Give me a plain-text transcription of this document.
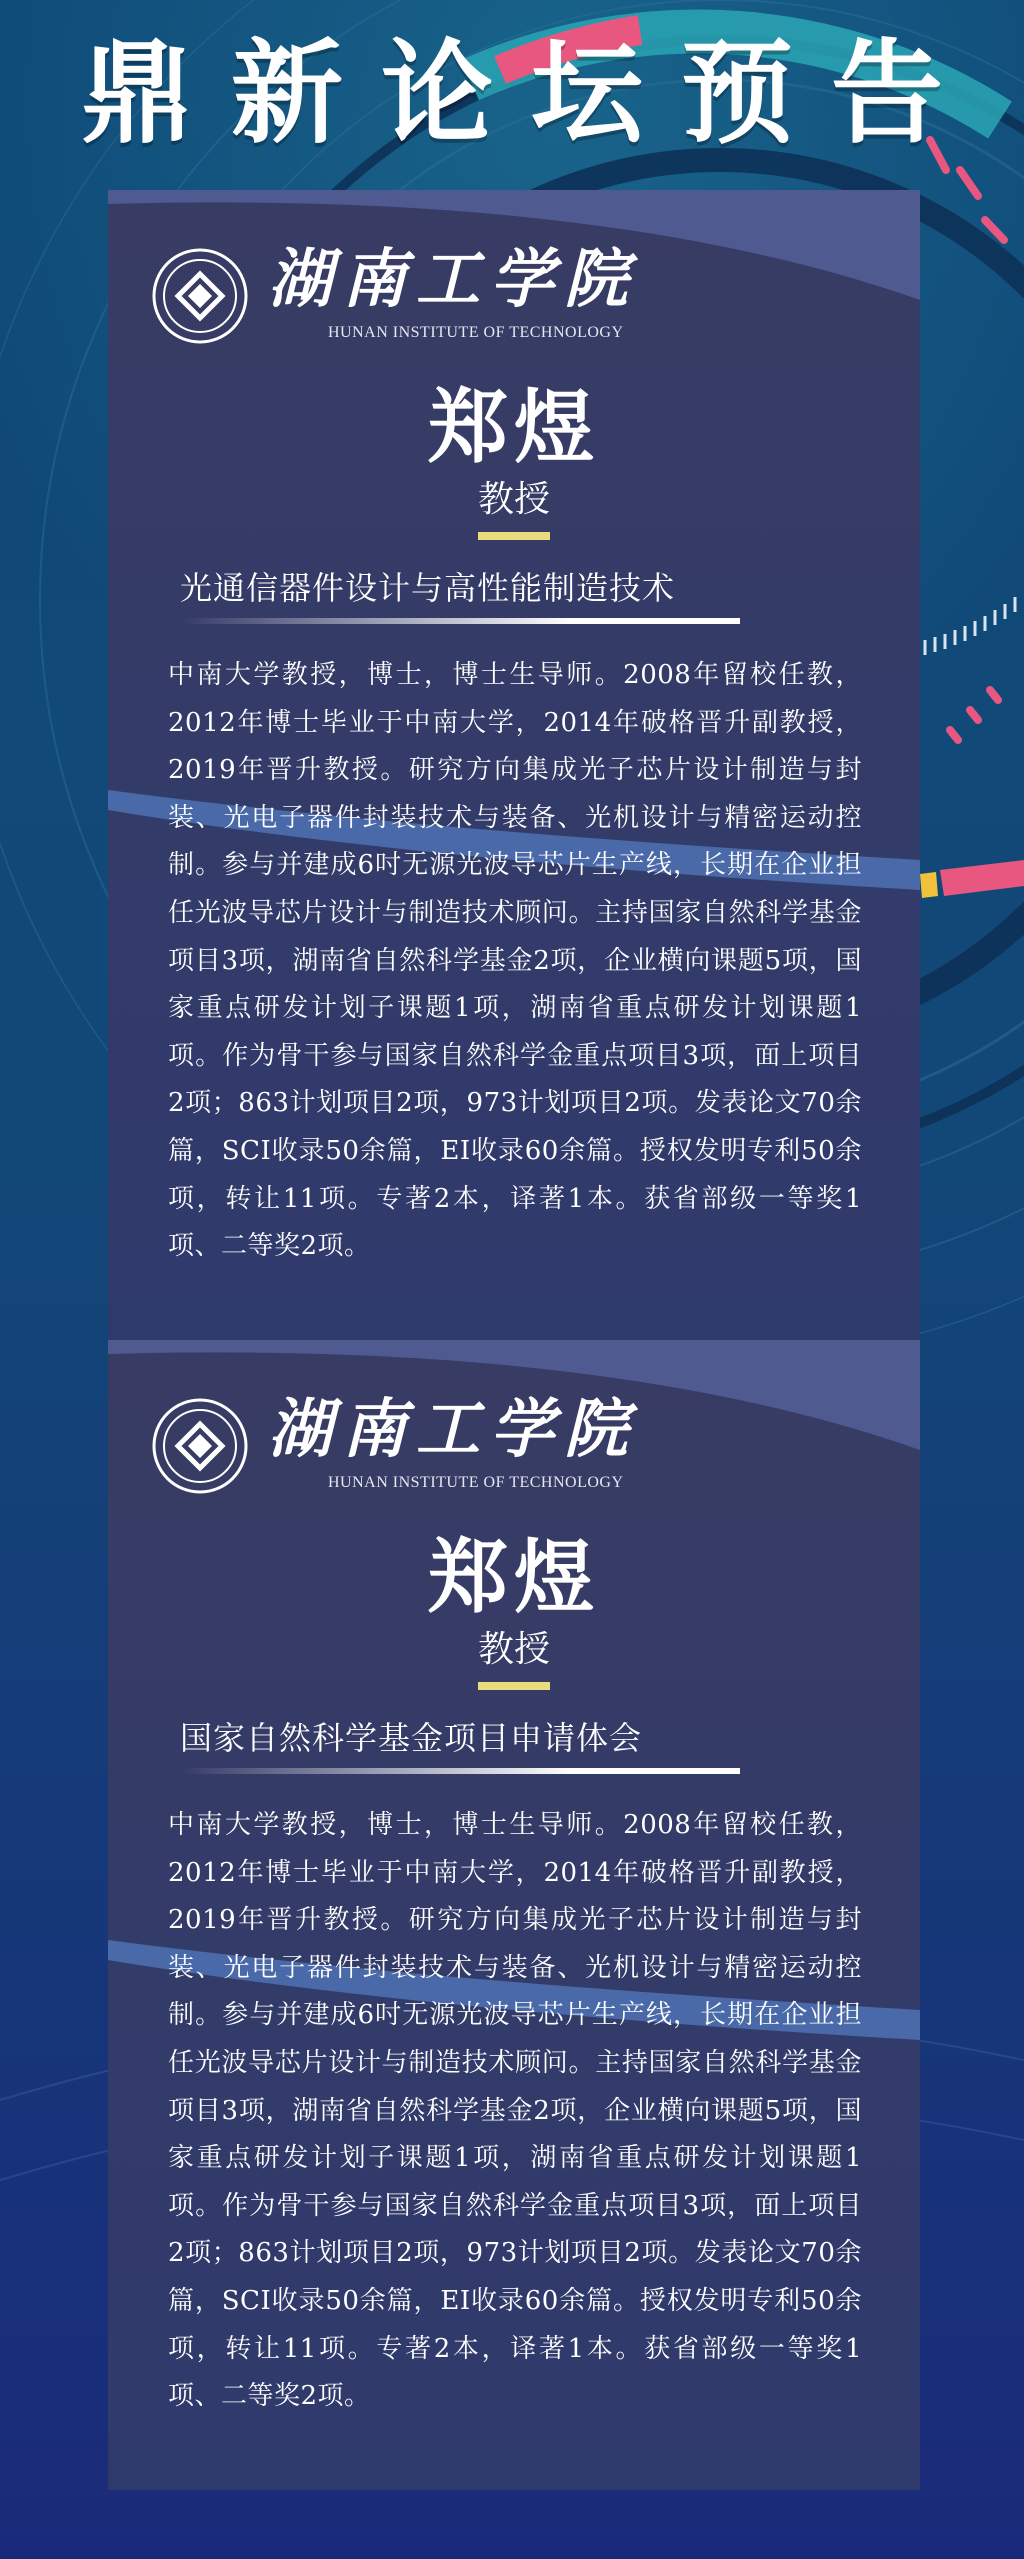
鼎新论坛预告
湖南工学院
HUNAN INSTITUTE OF TECHNOLOGY
郑煜
教授
光通信器件设计与高性能制造技术
中南大学教授，博士，博士生导师。2008年留校任教，2012年博士毕业于中南大学，2014年破格晋升副教授，2019年晋升教授。研究方向集成光子芯片设计制造与封装、光电子器件封装技术与装备、光机设计与精密运动控制。参与并建成6吋无源光波导芯片生产线，长期在企业担任光波导芯片设计与制造技术顾问。主持国家自然科学基金项目3项，湖南省自然科学基金2项，企业横向课题5项，国家重点研发计划子课题1项，湖南省重点研发计划课题1项。作为骨干参与国家自然科学金重点项目3项，面上项目2项；863计划项目2项，973计划项目2项。发表论文70余篇，SCI收录50余篇，EI收录60余篇。授权发明专利50余项，转让11项。专著2本，译著1本。获省部级一等奖1项、二等奖2项。
湖南工学院
HUNAN INSTITUTE OF TECHNOLOGY
郑煜
教授
国家自然科学基金项目申请体会
中南大学教授，博士，博士生导师。2008年留校任教，2012年博士毕业于中南大学，2014年破格晋升副教授，2019年晋升教授。研究方向集成光子芯片设计制造与封装、光电子器件封装技术与装备、光机设计与精密运动控制。参与并建成6吋无源光波导芯片生产线，长期在企业担任光波导芯片设计与制造技术顾问。主持国家自然科学基金项目3项，湖南省自然科学基金2项，企业横向课题5项，国家重点研发计划子课题1项，湖南省重点研发计划课题1项。作为骨干参与国家自然科学金重点项目3项，面上项目2项；863计划项目2项，973计划项目2项。发表论文70余篇，SCI收录50余篇，EI收录60余篇。授权发明专利50余项，转让11项。专著2本，译著1本。获省部级一等奖1项、二等奖2项。
